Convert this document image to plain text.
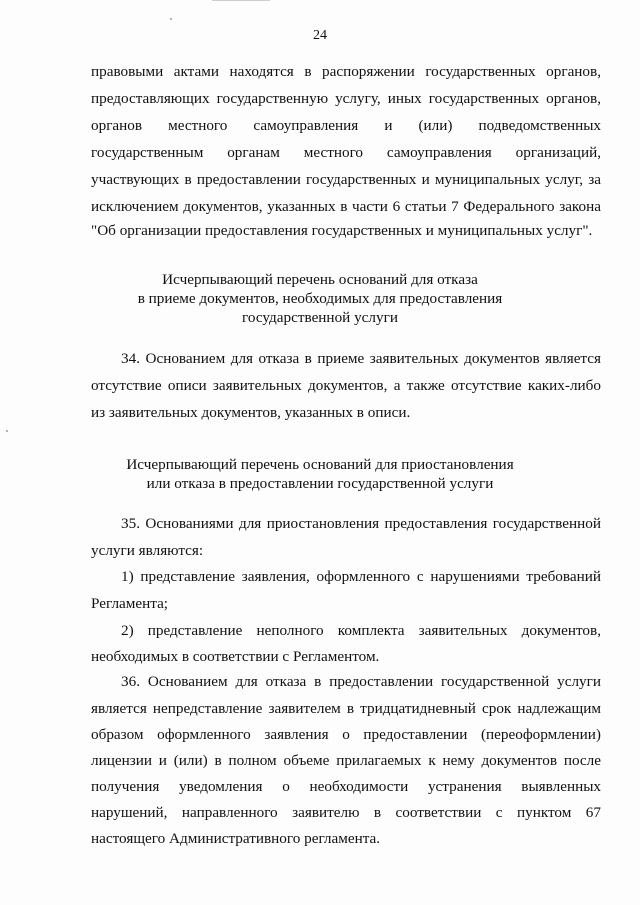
24
правовыми актами находятся в распоряжении государственных органов,
предоставляющих государственную услугу, иных государственных органов,
органов местного самоуправления и (или) подведомственных
государственным органам местного самоуправления организаций,
участвующих в предоставлении государственных и муниципальных услуг, за
исключением документов, указанных в части 6 статьи 7 Федерального закона
"Об организации предоставления государственных и муниципальных услуг".
Исчерпывающий перечень оснований для отказа
в приеме документов, необходимых для предоставления
государственной услуги
34. Основанием для отказа в приеме заявительных документов является
отсутствие описи заявительных документов, а также отсутствие каких-либо
из заявительных документов, указанных в описи.
Исчерпывающий перечень оснований для приостановления
или отказа в предоставлении государственной услуги
35. Основаниями для приостановления предоставления государственной
услуги являются:
1) представление заявления, оформленного с нарушениями требований
Регламента;
2) представление неполного комплекта заявительных документов,
необходимых в соответствии с Регламентом.
36. Основанием для отказа в предоставлении государственной услуги
является непредставление заявителем в тридцатидневный срок надлежащим
образом оформленного заявления о предоставлении (переоформлении)
лицензии и (или) в полном объеме прилагаемых к нему документов после
получения уведомления о необходимости устранения выявленных
нарушений, направленного заявителю в соответствии с пунктом 67
настоящего Административного регламента.
